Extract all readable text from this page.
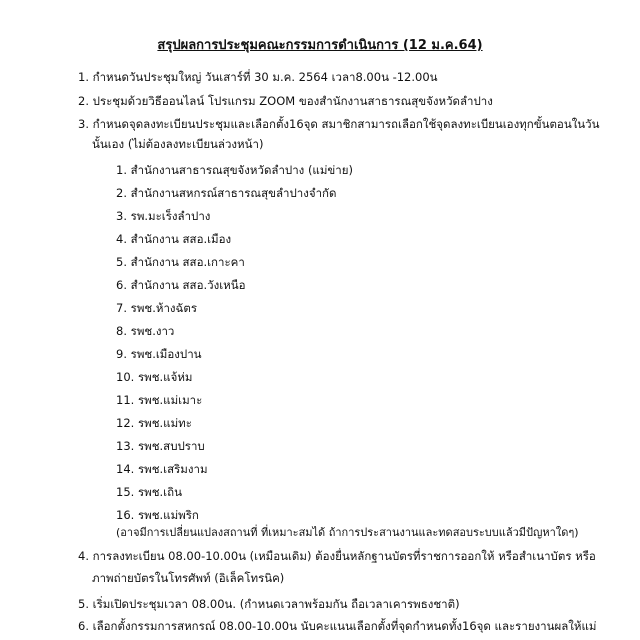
สรุปผลการประชุมคณะกรรมการดำเนินการ (12 ม.ค.64)
1. กำหนดวันประชุมใหญ่ วันเสาร์ที่ 30 ม.ค. 2564 เวลา8.00น -12.00น
2. ประชุมด้วยวิธีออนไลน์ โปรแกรม ZOOM ของสำนักงานสาธารณสุขจังหวัดลำปาง
3. กำหนดจุดลงทะเบียนประชุมและเลือกตั้ง16จุด สมาชิกสามารถเลือกใช้จุดลงทะเบียนเองทุกขั้นตอนในวัน
นั้นเอง (ไม่ต้องลงทะเบียนล่วงหน้า)
1. สำนักงานสาธารณสุขจังหวัดลำปาง (แม่ข่าย)
2. สำนักงานสหกรณ์สาธารณสุขลำปางจำกัด
3. รพ.มะเร็งลำปาง
4. สำนักงาน สสอ.เมือง
5. สำนักงาน สสอ.เกาะคา
6. สำนักงาน สสอ.วังเหนือ
7. รพช.ห้างฉัตร
8. รพช.งาว
9. รพช.เมืองปาน
10. รพช.แจ้ห่ม
11. รพช.แม่เมาะ
12. รพช.แม่ทะ
13. รพช.สบปราบ
14. รพช.เสริมงาม
15. รพช.เถิน
16. รพช.แม่พริก
(อาจมีการเปลี่ยนแปลงสถานที่ ที่เหมาะสมได้ ถ้าการประสานงานและทดสอบระบบแล้วมีปัญหาใดๆ)
4. การลงทะเบียน 08.00-10.00น (เหมือนเดิม) ต้องยื่นหลักฐานบัตรที่ราชการออกให้ หรือสำเนาบัตร หรือ
ภาพถ่ายบัตรในโทรศัพท์ (อิเล็คโทรนิค)
5. เริ่มเปิดประชุมเวลา 08.00น. (กำหนดเวลาพร้อมกัน ถือเวลาเคารพธงชาติ)
6. เลือกตั้งกรรมการสหกรณ์ 08.00-10.00น นับคะแนนเลือกตั้งที่จุดกำหนดทั้ง16จุด และรายงานผลให้แม่
